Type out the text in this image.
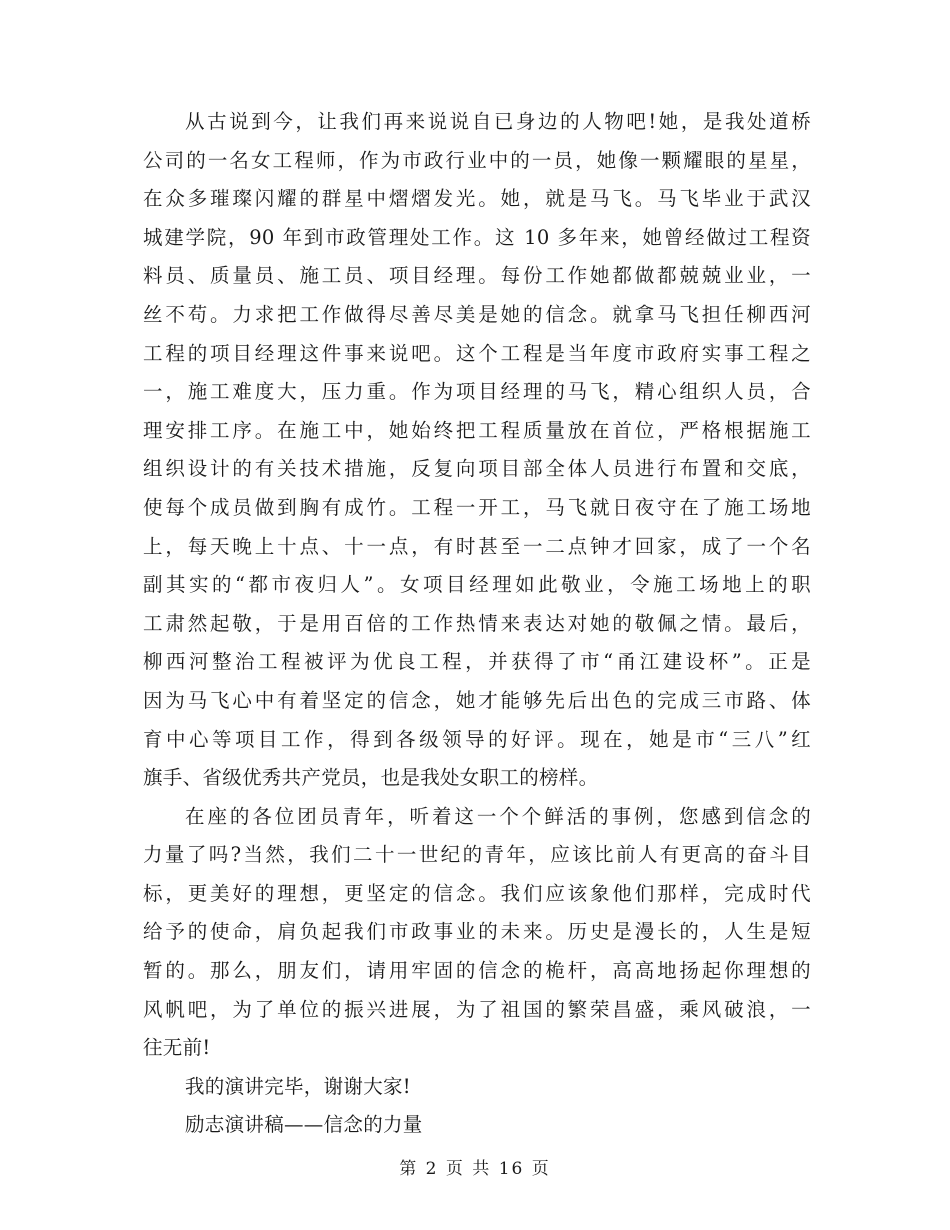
从古说到今，让我们再来说说自已身边的人物吧!她，是我处道桥
公司的一名女工程师，作为市政行业中的一员，她像一颗耀眼的星星，
在众多璀璨闪耀的群星中熠熠发光。她，就是马飞。马飞毕业于武汉
城建学院，90 年到市政管理处工作。这 10 多年来，她曾经做过工程资
料员、质量员、施工员、项目经理。每份工作她都做都兢兢业业，一
丝不苟。力求把工作做得尽善尽美是她的信念。就拿马飞担任柳西河
工程的项目经理这件事来说吧。这个工程是当年度市政府实事工程之
一，施工难度大，压力重。作为项目经理的马飞，精心组织人员，合
理安排工序。在施工中，她始终把工程质量放在首位，严格根据施工
组织设计的有关技术措施，反复向项目部全体人员进行布置和交底，
使每个成员做到胸有成竹。工程一开工，马飞就日夜守在了施工场地
上，每天晚上十点、十一点，有时甚至一二点钟才回家，成了一个名
副其实的“都市夜归人”。女项目经理如此敬业，令施工场地上的职
工肃然起敬，于是用百倍的工作热情来表达对她的敬佩之情。最后，
柳西河整治工程被评为优良工程，并获得了市“甬江建设杯”。正是
因为马飞心中有着坚定的信念，她才能够先后出色的完成三市路、体
育中心等项目工作，得到各级领导的好评。现在，她是市“三八”红
旗手、省级优秀共产党员，也是我处女职工的榜样。

在座的各位团员青年，听着这一个个鲜活的事例，您感到信念的
力量了吗?当然，我们二十一世纪的青年，应该比前人有更高的奋斗目
标，更美好的理想，更坚定的信念。我们应该象他们那样，完成时代
给予的使命，肩负起我们市政事业的未来。历史是漫长的，人生是短
暂的。那么，朋友们，请用牢固的信念的桅杆，高高地扬起你理想的
风帆吧，为了单位的振兴进展，为了祖国的繁荣昌盛，乘风破浪，一
往无前!

我的演讲完毕，谢谢大家!

励志演讲稿——信念的力量

第 2 页 共 16 页
